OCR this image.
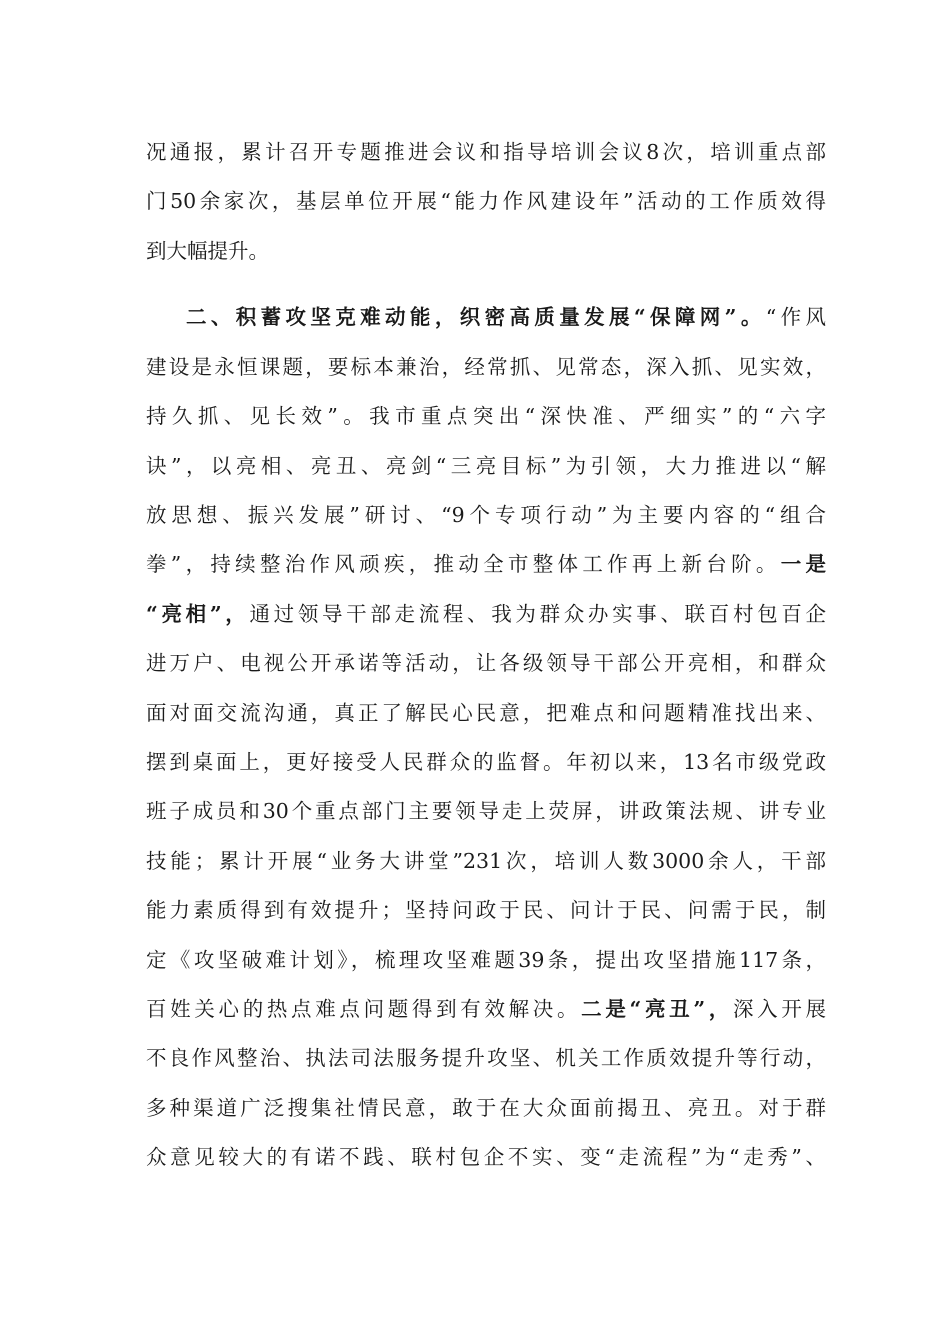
况通报，累计召开专题推进会议和指导培训会议8次，培训重点部
门50余家次，基层单位开展“能力作风建设年”活动的工作质效得
到大幅提升。
二、积蓄攻坚克难动能，织密高质量发展“保障网”。“作风
建设是永恒课题，要标本兼治，经常抓、见常态，深入抓、见实效，
持久抓、见长效”。我市重点突出“深快准、严细实”的“六字
诀”，以亮相、亮丑、亮剑“三亮目标”为引领，大力推进以“解
放思想、振兴发展”研讨、“9个专项行动”为主要内容的“组合
拳”，持续整治作风顽疾，推动全市整体工作再上新台阶。一是
“亮相”，通过领导干部走流程、我为群众办实事、联百村包百企
进万户、电视公开承诺等活动，让各级领导干部公开亮相，和群众
面对面交流沟通，真正了解民心民意，把难点和问题精准找出来、
摆到桌面上，更好接受人民群众的监督。年初以来，13名市级党政
班子成员和30个重点部门主要领导走上荧屏，讲政策法规、讲专业
技能；累计开展“业务大讲堂”231次，培训人数3000余人，干部
能力素质得到有效提升；坚持问政于民、问计于民、问需于民，制
定《攻坚破难计划》，梳理攻坚难题39条，提出攻坚措施117条，
百姓关心的热点难点问题得到有效解决。二是“亮丑”，深入开展
不良作风整治、执法司法服务提升攻坚、机关工作质效提升等行动，
多种渠道广泛搜集社情民意，敢于在大众面前揭丑、亮丑。对于群
众意见较大的有诺不践、联村包企不实、变“走流程”为“走秀”、
